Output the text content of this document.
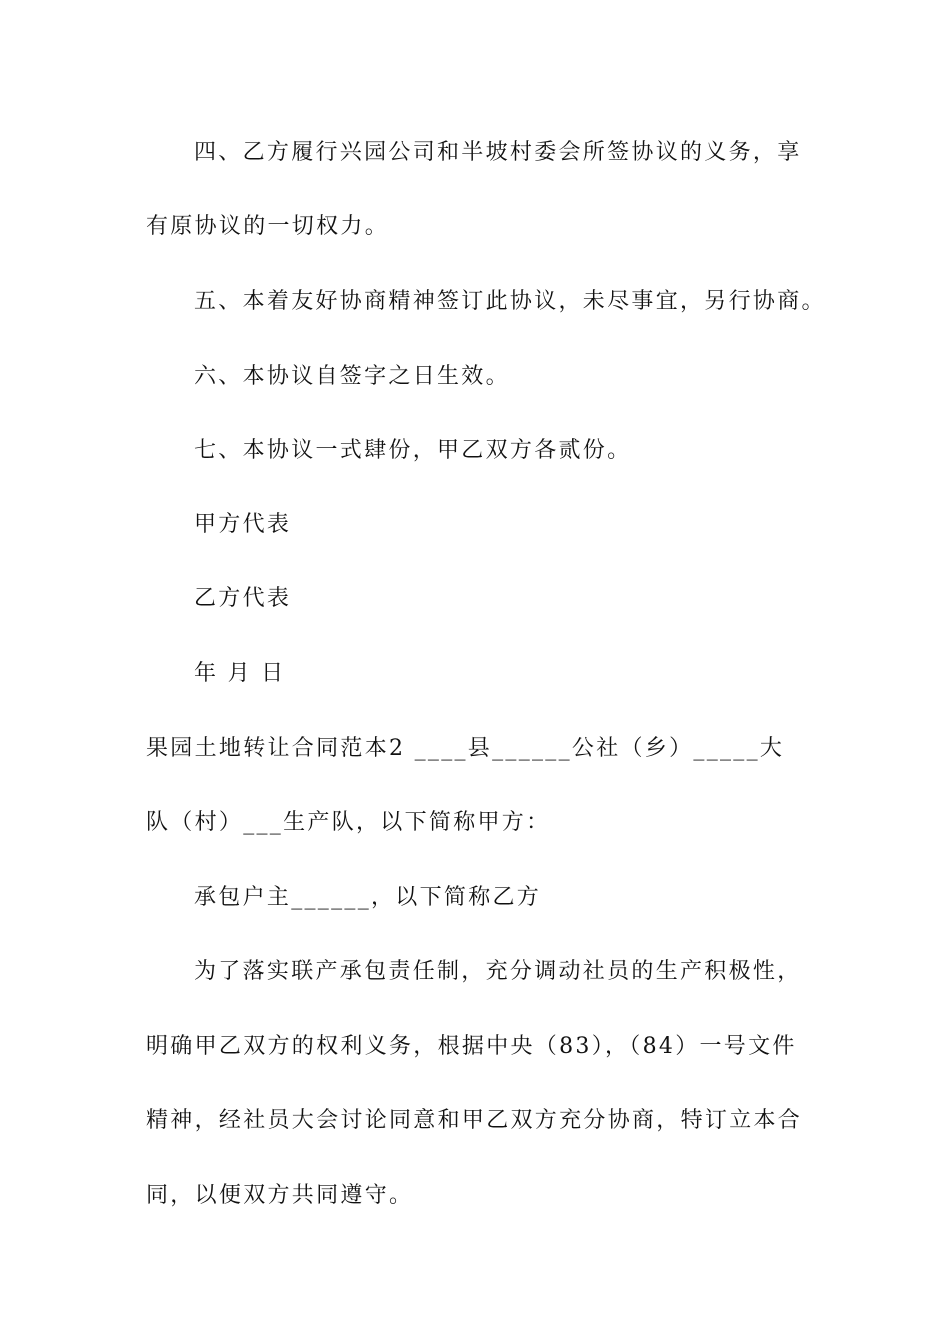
四、乙方履行兴园公司和半坡村委会所签协议的义务，享
有原协议的一切权力。
五、本着友好协商精神签订此协议，未尽事宜，另行协商。
六、本协议自签字之日生效。
七、本协议一式肆份，甲乙双方各贰份。
甲方代表
乙方代表
年 月 日
果园土地转让合同范本2 ____县______公社（乡）_____大
队（村）___生产队，以下简称甲方：
承包户主______，以下简称乙方
为了落实联产承包责任制，充分调动社员的生产积极性，
明确甲乙双方的权利义务，根据中央（83），（84）一号文件
精神，经社员大会讨论同意和甲乙双方充分协商，特订立本合
同，以便双方共同遵守。
